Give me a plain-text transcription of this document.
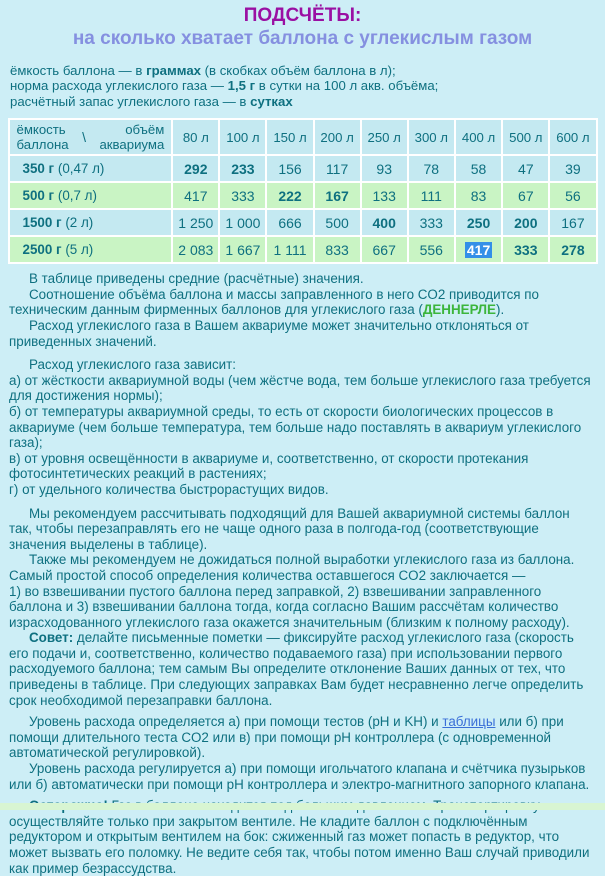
ПОДСЧЁТЫ:
на сколько хватает баллона с углекислым газом
ёмкость баллона — в граммах (в скобках объём баллона в л);
норма расхода углекислого газа — 1,5 г в сутки на 100 л акв. объёма;
расчётный запас углекислого газа — в сутках
ёмкость
баллона \ объём
аквариума	80 л	100 л	150 л	200 л	250 л	300 л	400 л	500 л	600 л
350 г (0,47 л)	292	233	156	117	93	78	58	47	39
500 г (0,7 л)	417	333	222	167	133	111	83	67	56
1500 г (2 л)	1 250	1 000	666	500	400	333	250	200	167
2500 г (5 л)	2 083	1 667	1 111	833	667	556	417	333	278
В таблице приведены средние (расчётные) значения.
Соотношение объёма баллона и массы заправленного в него CO2 приводится по техническим данным фирменных баллонов для углекислого газа (ДЕННЕРЛЕ).
Расход углекислого газа в Вашем аквариуме может значительно отклоняться от приведенных значений.
Расход углекислого газа зависит:
а) от жёсткости аквариумной воды (чем жёстче вода, тем больше углекислого газа требуется для достижения нормы);
б) от температуры аквариумной среды, то есть от скорости биологических процессов в аквариуме (чем больше температура, тем больше надо поставлять в аквариум углекислого газа);
в) от уровня освещённости в аквариуме и, соответственно, от скорости протекания фотосинтетических реакций в растениях;
г) от удельного количества быстрорастущих видов.
Мы рекомендуем рассчитывать подходящий для Вашей аквариумной системы баллон так, чтобы перезаправлять его не чаще одного раза в полгода-год (соответствующие значения выделены в таблице).
Также мы рекомендуем не дожидаться полной выработки углекислого газа из баллона. Самый простой способ определения количества оставшегося CO2 заключается —
1) во взвешивании пустого баллона перед заправкой, 2) взвешивании заправленного баллона и 3) взвешивании баллона тогда, когда согласно Вашим рассчётам количество израсходованного углекислого газа окажется значительным (близким к полному расходу).
Совет: делайте письменные пометки — фиксируйте расход углекислого газа (скорость его подачи и, соответственно, количество подаваемого газа) при использовании первого расходуемого баллона; тем самым Вы определите отклонение Ваших данных от тех, что приведены в таблице. При следующих заправках Вам будет несравненно легче определить срок необходимой перезаправки баллона.
Уровень расхода определяется а) при помощи тестов (pH и KH) и таблицы или б) при помощи длительного теста CO2 или в) при помощи pH контроллера (с одновременной автоматической регулировкой).
Уровень расхода регулируется а) при помощи игольчатого клапана и счётчика пузырьков или б) автоматически при помощи pH контроллера и электро-магнитного запорного клапана.
осуществляйте только при закрытом вентиле. Не кладите баллон с подключённым редуктором и открытым вентилем на бок: сжиженный газ может попасть в редуктор, что может вызвать его поломку. Не ведите себя так, чтобы потом именно Ваш случай приводили как пример безрассудства.
